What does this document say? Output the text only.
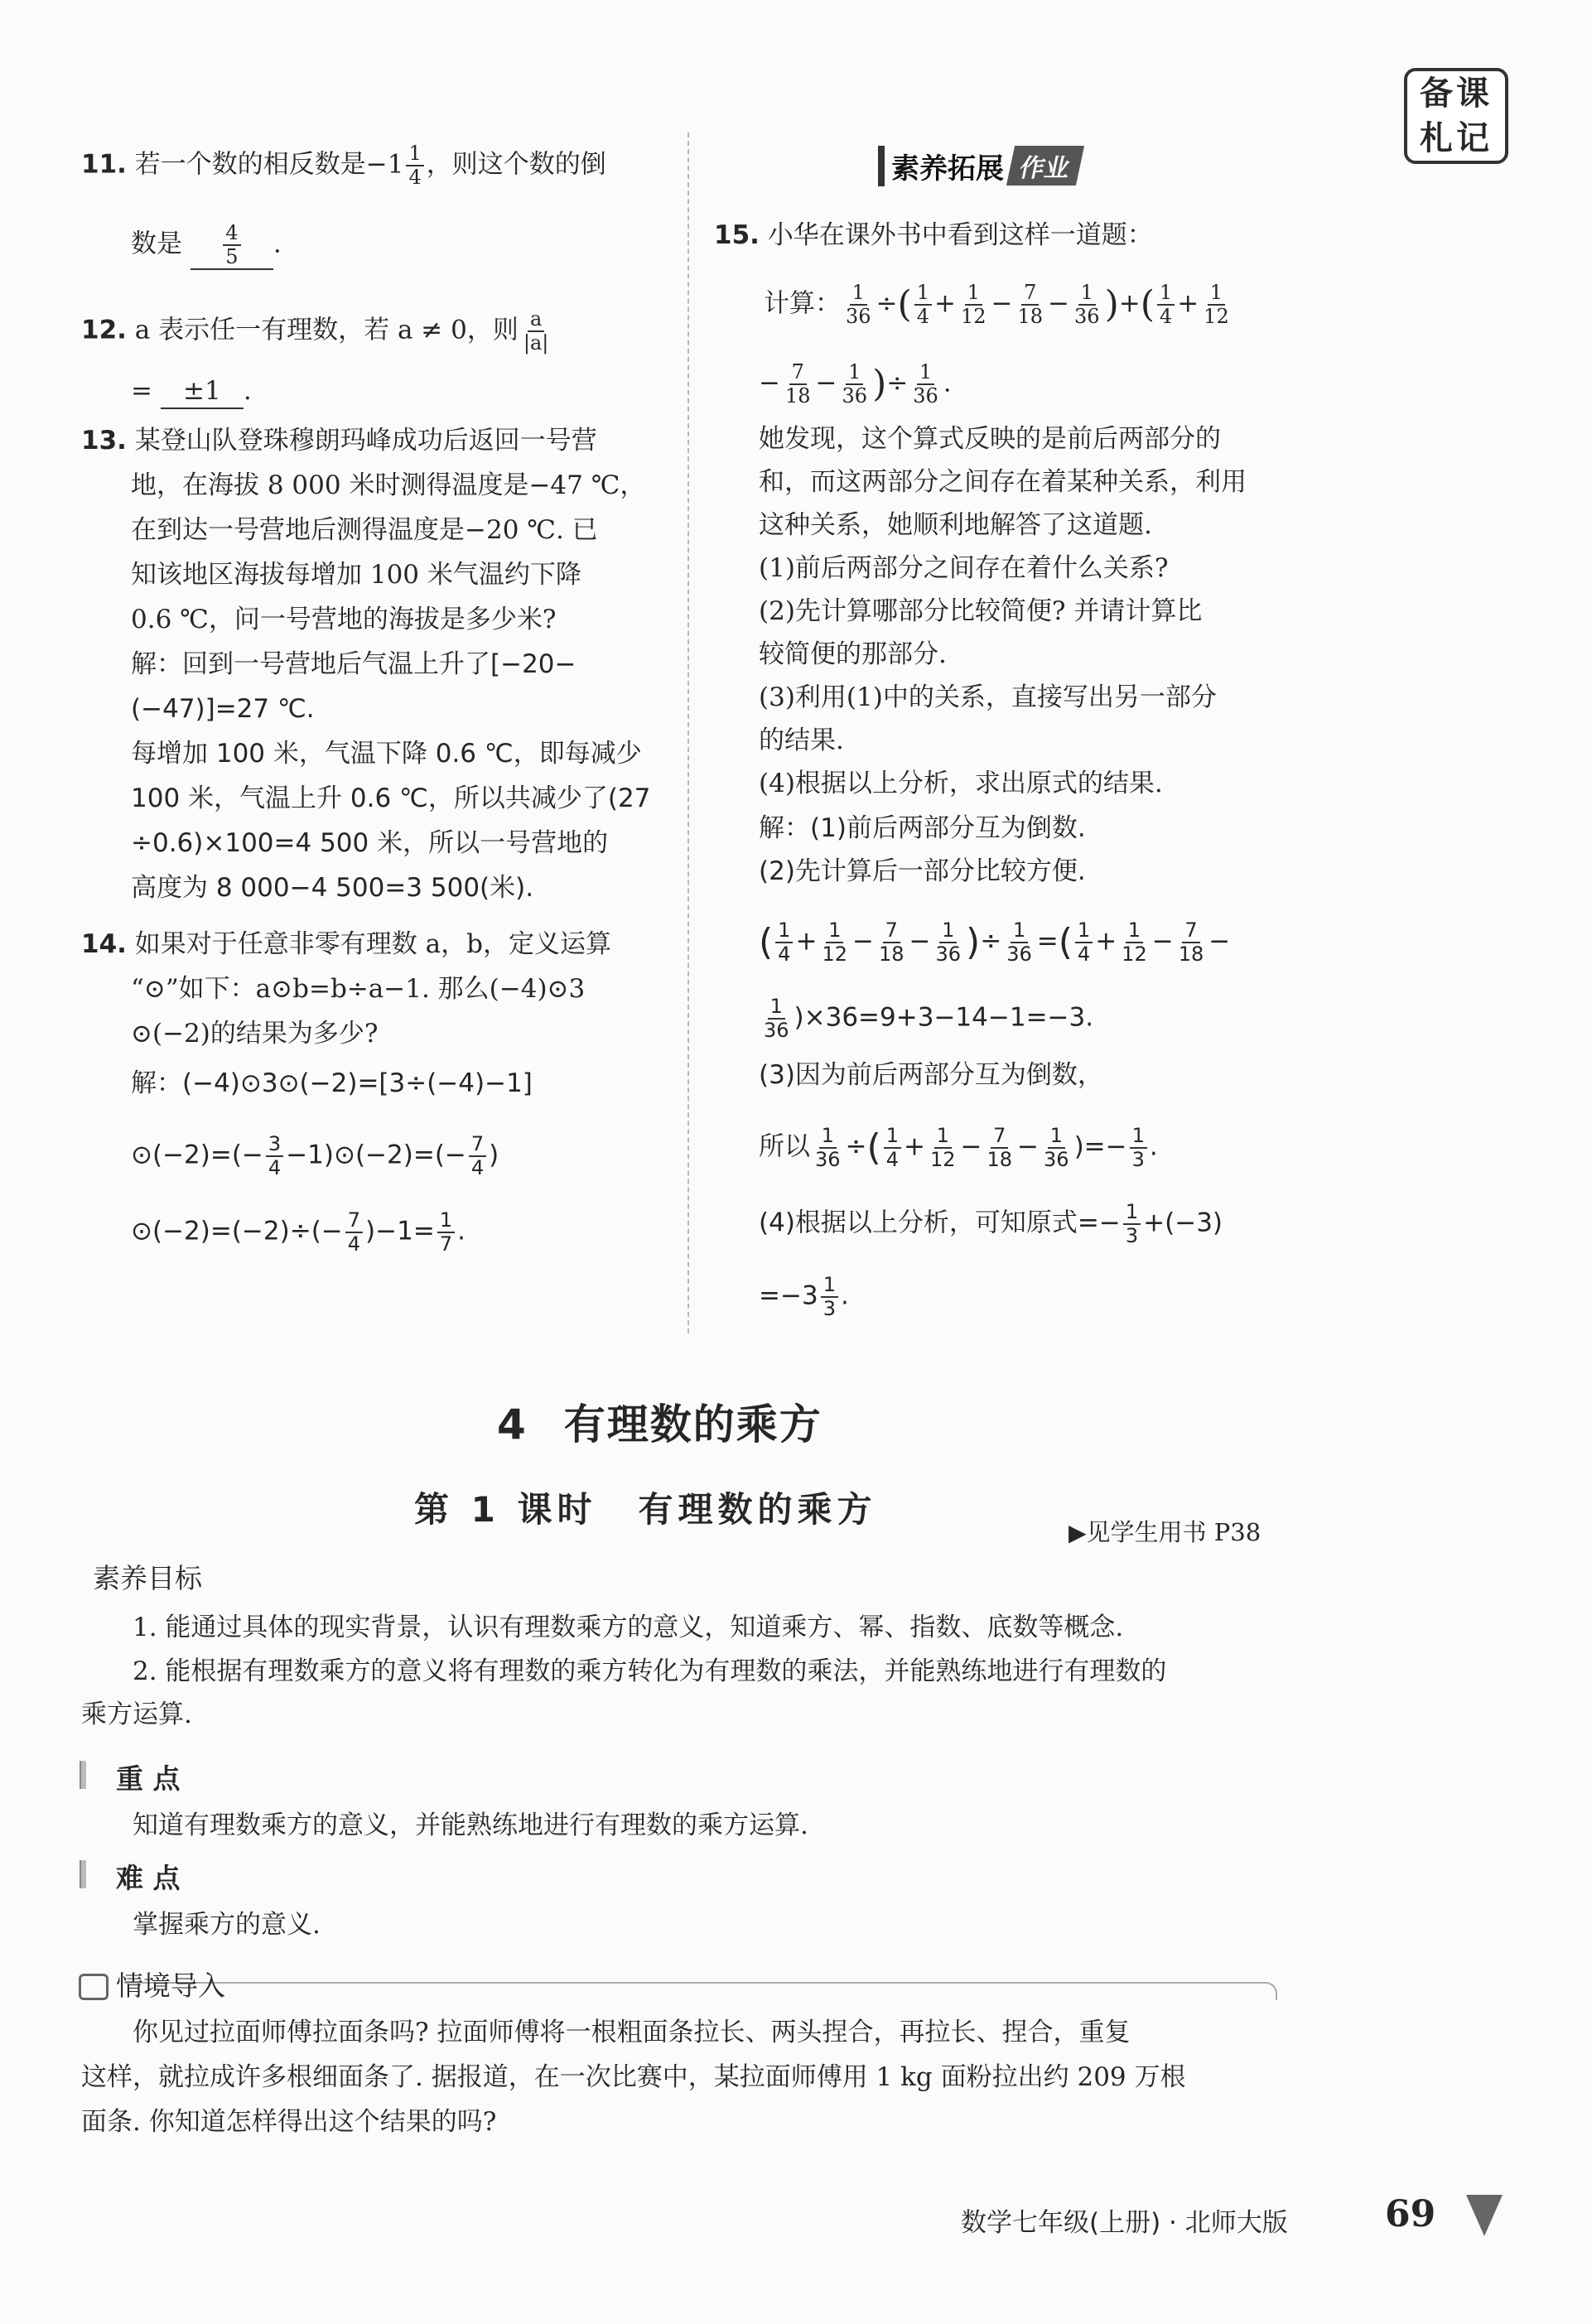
备 课
札 记
11. 若一个数的相反数是$-1 \frac{1}{4}$ ，则这个数的倒
数是 $\frac{4}{5}$ .
12. a 表示任一有理数，若 a ≠ 0，则 $\frac{a}{|a|}$
= ±1 .
13. 某登山队登珠穆朗玛峰成功后返回一号营
地，在海拔 8 000 米时测得温度是−47 ℃，
在到达一号营地后测得温度是−20 ℃. 已
知该地区海拔每增加 100 米气温约下降
0.6 ℃，问一号营地的海拔是多少米?
解：回到一号营地后气温上升了[−20−
(−47)]=27 ℃.
每增加 100 米，气温下降 0.6 ℃，即每减少
100 米，气温上升 0.6 ℃，所以共减少了(27
÷0.6)×100=4 500 米，所以一号营地的
高度为 8 000−4 500=3 500(米).
14. 如果对于任意非零有理数 a，b，定义运算
“⊙”如下：a⊙b=b÷a−1. 那么(−4)⊙3
⊙(−2)的结果为多少?
解：(−4)⊙3⊙(−2)=[3÷(−4)−1]
⊙(−2)=(− $\frac{3}{4}$ −1)⊙(−2)=(− $\frac{7}{4}$ )
⊙(−2)=(−2)÷(− $\frac{7}{4} )-1= \frac{1}{7}$ .
素养拓展 作业
15. 小华在课外书中看到这样一道题：
计算： $\frac{1}{36}$ ÷( $\frac{1}{4} + \frac{1}{12} - \frac{7}{18} - \frac{1}{36}$ )+( $\frac{1}{4} + \frac{1}{12}$
− $\frac{7}{18} - \frac{1}{36}$ )÷ $\frac{1}{36}$ .
她发现，这个算式反映的是前后两部分的
和，而这两部分之间存在着某种关系，利用
这种关系，她顺利地解答了这道题.
(1)前后两部分之间存在着什么关系?
(2)先计算哪部分比较简便? 并请计算比
较简便的那部分.
(3)利用(1)中的关系，直接写出另一部分
的结果.
(4)根据以上分析，求出原式的结果.
解：(1)前后两部分互为倒数.
(2)先计算后一部分比较方便.
( $\frac{1}{4} + \frac{1}{12} - \frac{7}{18} - \frac{1}{36}$ )÷ $\frac{1}{36}$ =( $\frac{1}{4} + \frac{1}{12} - \frac{7}{18}$ −
$\frac{1}{36} )\times 36=9+3-14-1=-3$.
(3)因为前后两部分互为倒数，
所以 $\frac{1}{36}$ ÷( $\frac{1}{4} + \frac{1}{12} - \frac{7}{18} - \frac{1}{36}$ )=− $\frac{1}{3}$ .
(4)根据以上分析，可知原式=− $\frac{1}{3} +(-3)$
$=-3 \frac{1}{3}$ .
4 有理数的乘方
第 1 课时 有理数的乘方
▶见学生用书 P38
素养目标
1. 能通过具体的现实背景，认识有理数乘方的意义，知道乘方、幂、指数、底数等概念.
2. 能根据有理数乘方的意义将有理数的乘方转化为有理数的乘法，并能熟练地进行有理数的
乘方运算.
重 点
知道有理数乘方的意义，并能熟练地进行有理数的乘方运算.
难 点
掌握乘方的意义.
情境导入
你见过拉面师傅拉面条吗? 拉面师傅将一根粗面条拉长、两头捏合，再拉长、捏合，重复
这样，就拉成许多根细面条了. 据报道，在一次比赛中，某拉面师傅用 1 kg 面粉拉出约 209 万根
面条. 你知道怎样得出这个结果的吗?
数学七年级(上册) · 北师大版	69
